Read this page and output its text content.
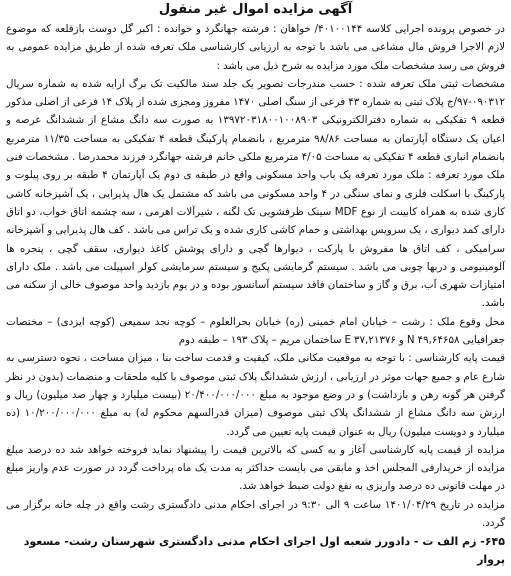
آگهی مزایده اموال غیر منقول

در خصوص پرونده اجرایی کلاسه ۴۰۱۰۰۱۴۴/ خواهان : فرشته جهانگرد و خوانده : اکبر گل دوست بازقلعه که موضوع لازم الاجرا فروش مال مشاعی می باشد با توجه به ارزیابی کارشناسی ملک تعرفه شده از طریق مزایده عمومی به فروش می رسد مشخصات ملک مورد مزایده به شرح ذیل می باشد :

مشخصات ثبتی ملک تعرفه شده : حسب مندرجات تصویر یک جلد سند مالکیت تک برگ ارایه شده به شماره سریال ۰۹۰۳۱۲-۹۷/ج پلاک ثبتی به شماره ۴۳ فرعی از سنگ اصلی ۱۴۷۰ مفروز ومجزی شده از پلاک ۱۴ فرعی از اصلی مذکور قطعه ۹ تفکیکی به شماره دفترالکترونیکی ۱۳۹۷۲۰۳۱۸۰۰۱۰۰۸۹۰۳ به صورت سه دانگ مشاع از ششدانگ عرصه و اعیان یک دستگاه آپارتمان به مساحت ۹۸/۸۶ مترمربع ، بانضمام پارکینگ قطعه ۴ تفکیکی به مساحت ۱۱/۳۵ مترمربع بانضمام انباری قطعه ۴ تفکیکی به مساحت ۴/۰۵ مترمربع ملکی خانم فرشته جهانگرد فرزند محمدرضا . مشخصات فنی ملک مورد تعرفه : ملک مورد تعرفه یک باب واحد مسکونی واقع در طبقه ی دوم یک آپارتمان ۴ طبقه بر روی پیلوت و پارکینگ با اسکلت فلزی و نمای سنگی در ۴ واحد مسکونی می باشد که مشتمل یک هال پذیرایی ، یک آشپزخانه کاشی کاری شده به همراه کابینت از نوع MDF سینک ظرفشویی تک لگنه ، شیرآلات اهرمی ، سه چشمه اتاق خواب، دو اتاق دارای کمد دیواری ، یک سرویس بهداشتی و حمام کاشی کاری شده و یک تراس می باشد . کف هال پذیرایی و آشپزخانه سرامیکی ، کف اتاق ها مفروش با پارکت ، دیوارها گچی و دارای پوشش کاغذ دیواری، سقف گچی ، پنجره ها آلومینیومی و دربها چوبی می باشد . سیستم گرمایشی پکیج و سیستم سرمایشی کولر اسپیلت می باشد . ملک دارای امتیازات شهری آب، برق و گاز و ساختمان فاقد سیستم آسانسور بوده و در یوم بازدید واحد موصوف خالی از سکنه می باشد.

محل وقوع ملک : رشت – خیابان امام خمینی (ره) خیابان بحرالعلوم – کوچه نجد سمیعی (کوچه ایزدی) – مختصات جغرافیایی N ۴۹,۶۴۶۵۸ و E ۳۷,۲۱۳۷۶ ساختمان مریم – پلاک ۱۹۳ – طبقه دوم

قیمت پایه کارشناسی : با توجه به موقعیت مکانی ملک، کیفیت و قدمت ساخت بنا ، میزان مساحت ، نحوه دسترسی به شارع عام و جمیع جهات موثر در ارزیابی ، ارزش ششدانگ پلاک ثبتی موصوف با کلیه ملحقات و منضمات (بدون در نظر گرفتن هر گونه رهن و بازداشت) و در وضع موجود به مبلغ ۲۰/۴۰۰/۰۰۰/۰۰۰ (بیست میلیارد و چهار صد میلیون) ریال و ارزش سه دانگ مشاع از ششدانگ پلاک ثبتی موصوف (میزان قدرالسهم محکوم له) به مبلغ ۱۰/۲۰۰/۰۰۰/۰۰۰ (ده میلیارد و دویست میلیون) ریال به عنوان قیمت پایه تعیین می گردد.

مزایده از قیمت پایه کارشناسی آغاز و به کسی که بالاترین قیمت را پیشنهاد نماید فروخته خواهد شد ده درصد مبلغ مزایده از خریدارفی المجلس اخذ و مابقی می بایست حداکثر به مدت یک ماه پرداخت گردد در صورت عدم واریز مبلغ در مهلت قانونی ده درصد واریزی به نفع دولت ضبط خواهد شد.

مزایده در تاریخ ۱۴۰۱/۰۴/۲۹ ساعت ۹ الی ۹:۳۰ در اجرای احکام مدنی دادگستری رشت واقع در چله خانه برگزار می گردد.

۶۴۵- زم الف ت - دادورز شعبه اول اجرای احکام مدنی دادگستری شهرستان رشت- مسعود پروار
